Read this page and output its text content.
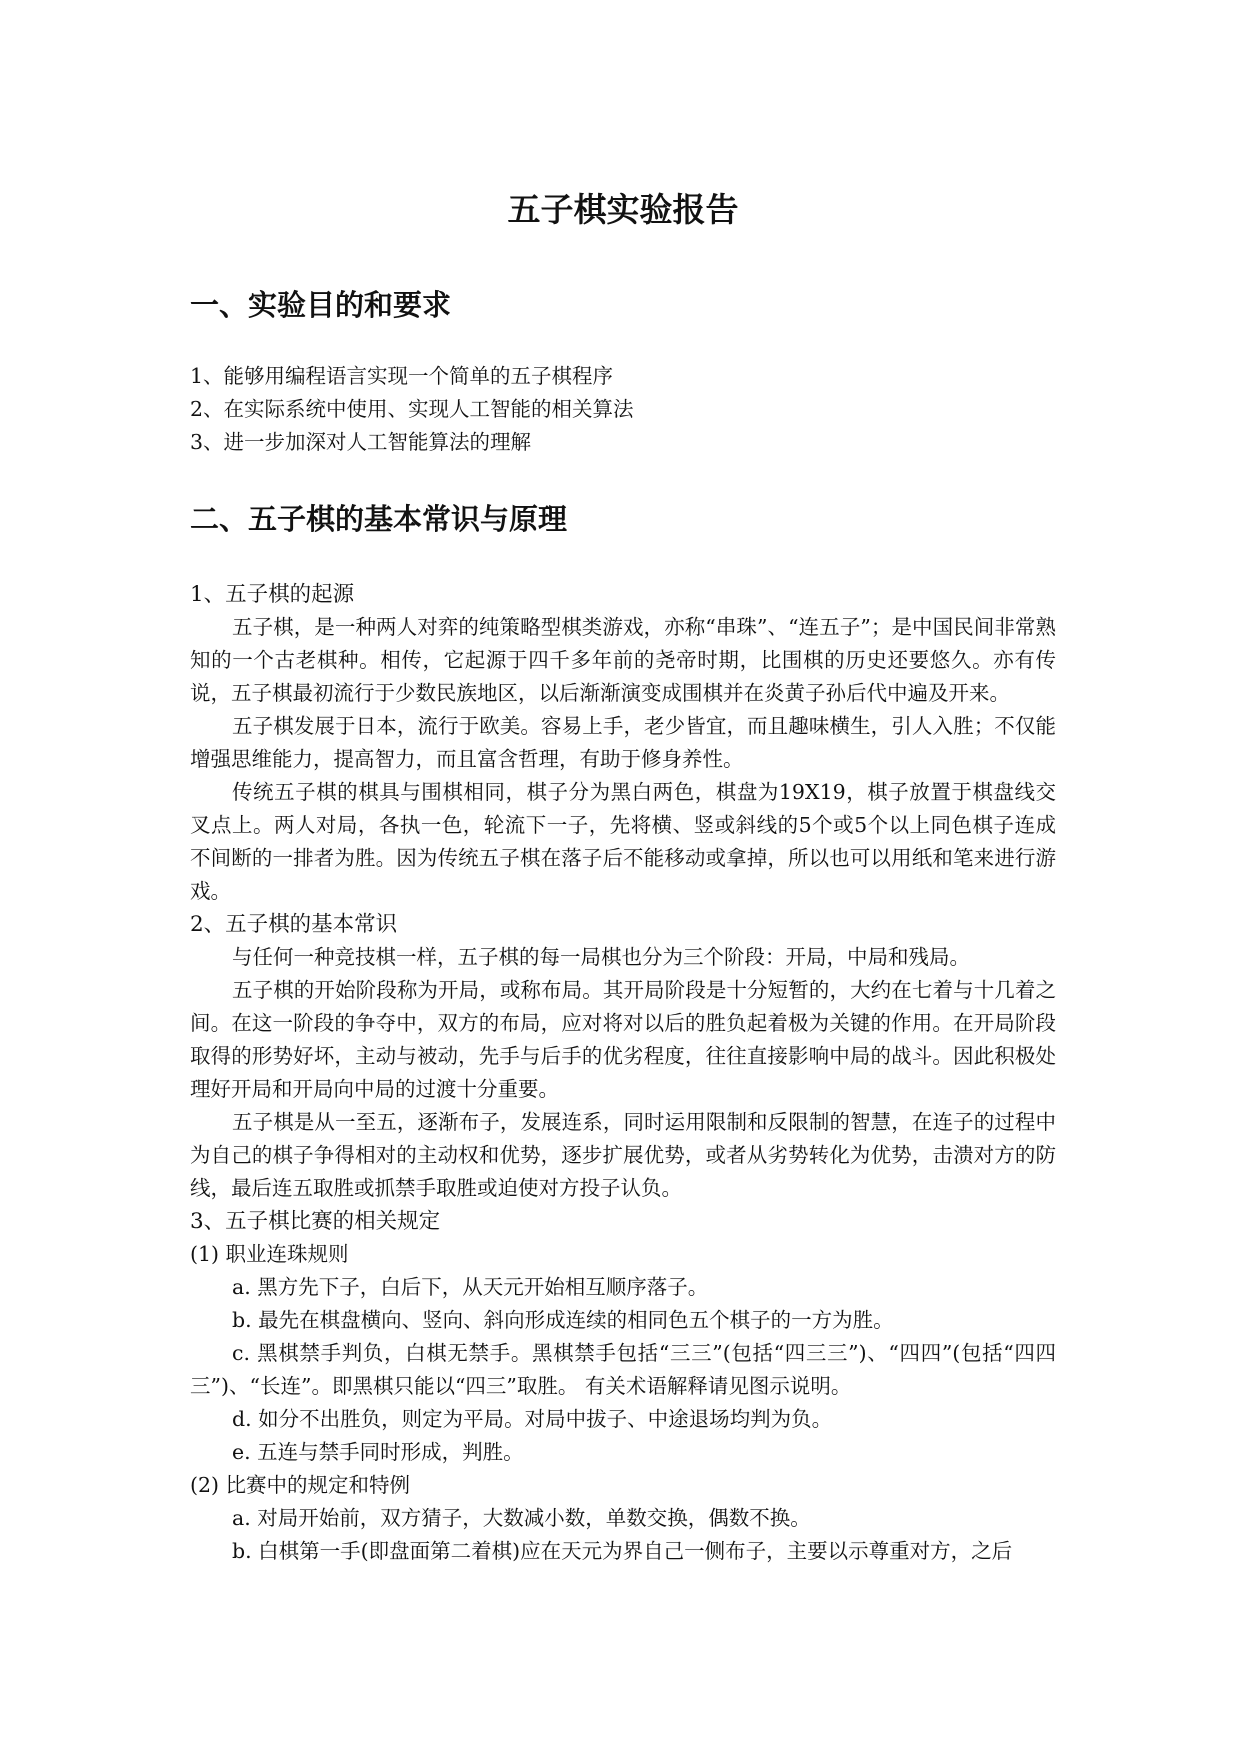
五子棋实验报告
一、实验目的和要求
1、能够用编程语言实现一个简单的五子棋程序
2、在实际系统中使用、实现人工智能的相关算法
3、进一步加深对人工智能算法的理解
二、五子棋的基本常识与原理
1、五子棋的起源

五子棋，是一种两人对弈的纯策略型棋类游戏，亦称“串珠”、“连五子”；是中国民间非常熟知的一个古老棋种。相传，它起源于四千多年前的尧帝时期，比围棋的历史还要悠久。亦有传说，五子棋最初流行于少数民族地区，以后渐渐演变成围棋并在炎黄子孙后代中遍及开来。

五子棋发展于日本，流行于欧美。容易上手，老少皆宜，而且趣味横生，引人入胜；不仅能增强思维能力，提高智力，而且富含哲理，有助于修身养性。

传统五子棋的棋具与围棋相同，棋子分为黑白两色，棋盘为19X19，棋子放置于棋盘线交叉点上。两人对局，各执一色，轮流下一子，先将横、竖或斜线的5个或5个以上同色棋子连成不间断的一排者为胜。因为传统五子棋在落子后不能移动或拿掉，所以也可以用纸和笔来进行游戏。

2、五子棋的基本常识

与任何一种竞技棋一样，五子棋的每一局棋也分为三个阶段：开局，中局和残局。

五子棋的开始阶段称为开局，或称布局。其开局阶段是十分短暂的，大约在七着与十几着之间。在这一阶段的争夺中，双方的布局，应对将对以后的胜负起着极为关键的作用。在开局阶段取得的形势好坏，主动与被动，先手与后手的优劣程度，往往直接影响中局的战斗。因此积极处理好开局和开局向中局的过渡十分重要。

五子棋是从一至五，逐渐布子，发展连系，同时运用限制和反限制的智慧，在连子的过程中为自己的棋子争得相对的主动权和优势，逐步扩展优势，或者从劣势转化为优势，击溃对方的防线，最后连五取胜或抓禁手取胜或迫使对方投子认负。

3、五子棋比赛的相关规定
(1) 职业连珠规则
a. 黑方先下子，白后下，从天元开始相互顺序落子。
b. 最先在棋盘横向、竖向、斜向形成连续的相同色五个棋子的一方为胜。
c. 黑棋禁手判负，白棋无禁手。黑棋禁手包括“三三”(包括“四三三”)、“四四”(包括“四四三”)、“长连”。即黑棋只能以“四三”取胜。 有关术语解释请见图示说明。
d. 如分不出胜负，则定为平局。对局中拔子、中途退场均判为负。
e. 五连与禁手同时形成，判胜。
(2) 比赛中的规定和特例
a. 对局开始前，双方猜子，大数减小数，单数交换，偶数不换。
b. 白棋第一手(即盘面第二着棋)应在天元为界自己一侧布子，主要以示尊重对方，之后
